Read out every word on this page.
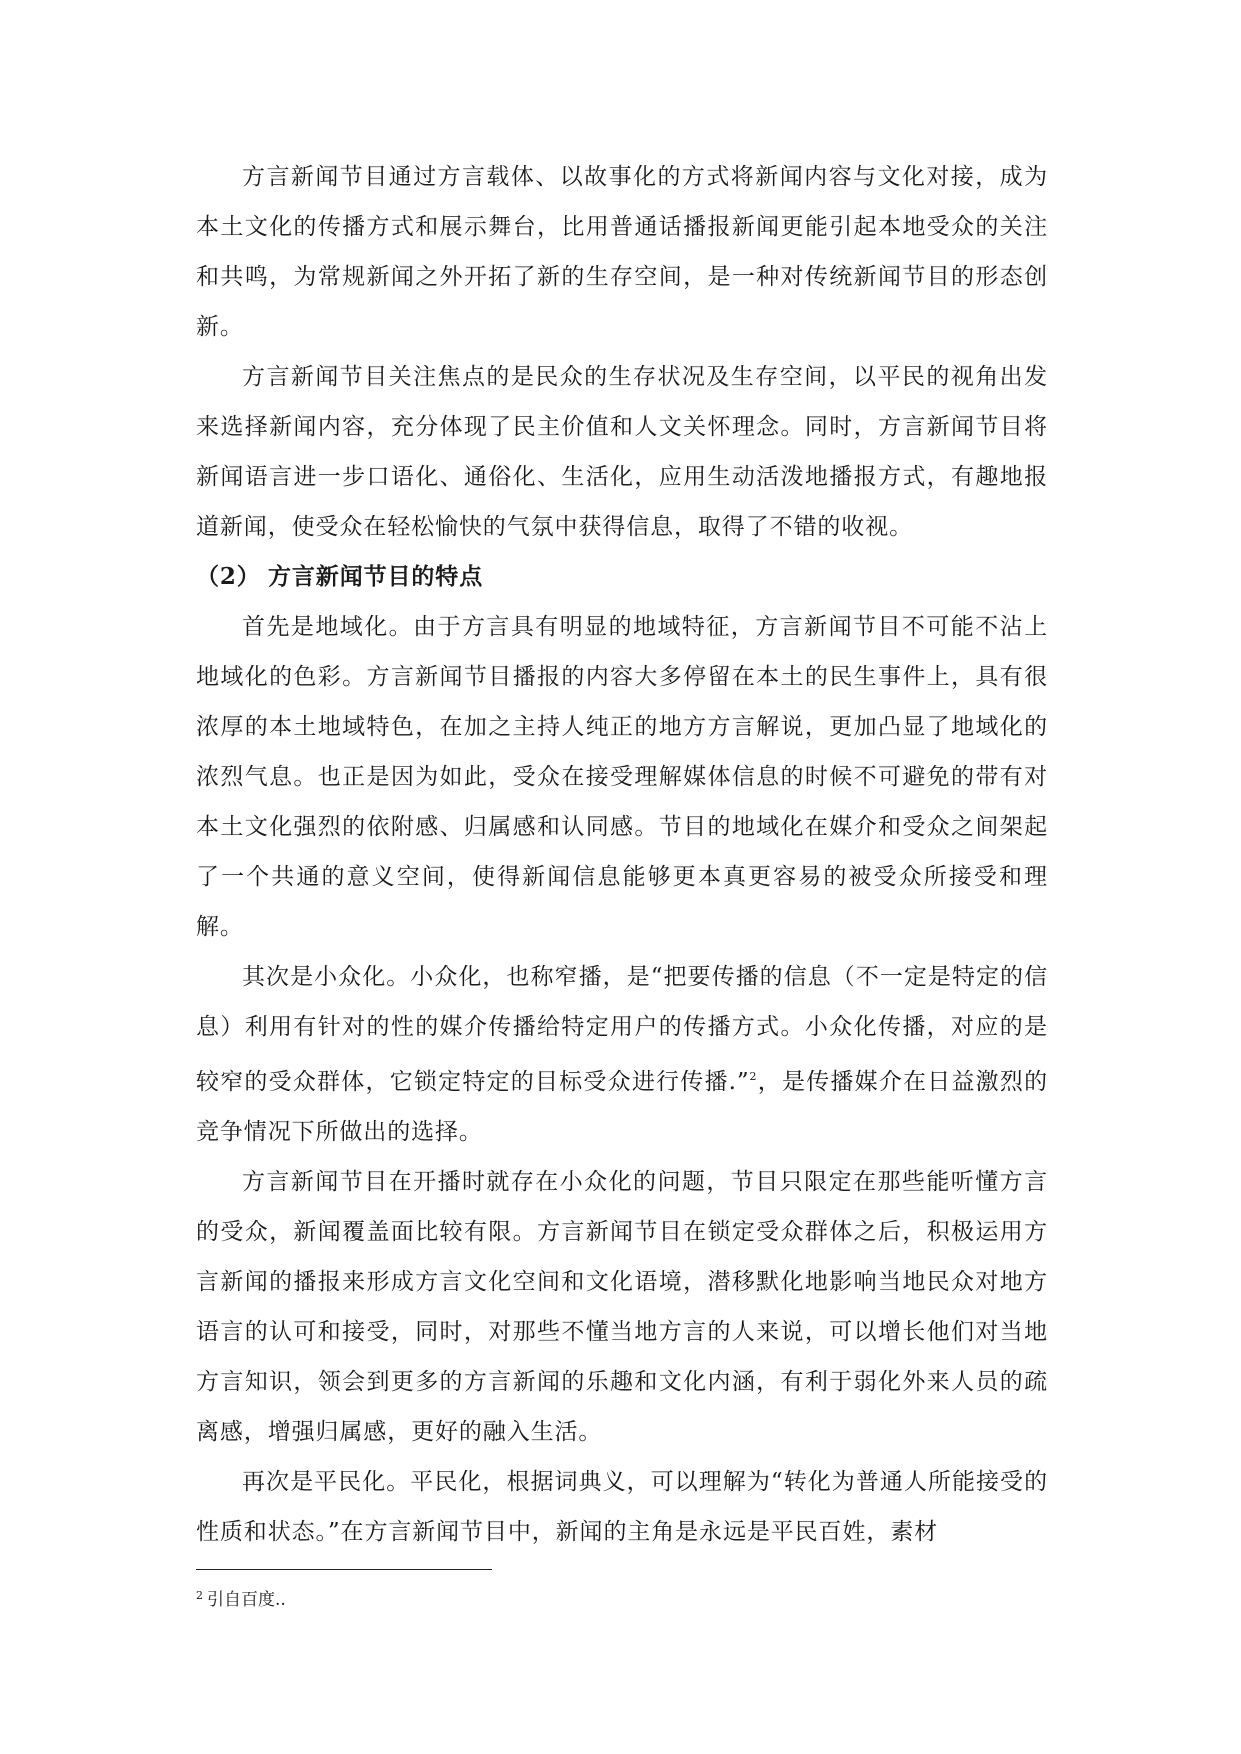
方言新闻节目通过方言载体、以故事化的方式将新闻内容与文化对接，成为本土文化的传播方式和展示舞台，比用普通话播报新闻更能引起本地受众的关注和共鸣，为常规新闻之外开拓了新的生存空间，是一种对传统新闻节目的形态创新。

方言新闻节目关注焦点的是民众的生存状况及生存空间，以平民的视角出发来选择新闻内容，充分体现了民主价值和人文关怀理念。同时，方言新闻节目将新闻语言进一步口语化、通俗化、生活化，应用生动活泼地播报方式，有趣地报道新闻，使受众在轻松愉快的气氛中获得信息，取得了不错的收视。

（2） 方言新闻节目的特点

首先是地域化。由于方言具有明显的地域特征，方言新闻节目不可能不沾上地域化的色彩。方言新闻节目播报的内容大多停留在本土的民生事件上，具有很浓厚的本土地域特色，在加之主持人纯正的地方方言解说，更加凸显了地域化的浓烈气息。也正是因为如此，受众在接受理解媒体信息的时候不可避免的带有对本土文化强烈的依附感、归属感和认同感。节目的地域化在媒介和受众之间架起了一个共通的意义空间，使得新闻信息能够更本真更容易的被受众所接受和理解。

其次是小众化。小众化，也称窄播，是“把要传播的信息（不一定是特定的信息）利用有针对的性的媒介传播给特定用户的传播方式。小众化传播，对应的是较窄的受众群体，它锁定特定的目标受众进行传播.”$^2$，是传播媒介在日益激烈的竞争情况下所做出的选择。

方言新闻节目在开播时就存在小众化的问题，节目只限定在那些能听懂方言的受众，新闻覆盖面比较有限。方言新闻节目在锁定受众群体之后，积极运用方言新闻的播报来形成方言文化空间和文化语境，潜移默化地影响当地民众对地方语言的认可和接受，同时，对那些不懂当地方言的人来说，可以增长他们对当地方言知识，领会到更多的方言新闻的乐趣和文化内涵，有利于弱化外来人员的疏离感，增强归属感，更好的融入生活。

再次是平民化。平民化，根据词典义，可以理解为“转化为普通人所能接受的性质和状态。”在方言新闻节目中，新闻的主角是永远是平民百姓，素材

$^2$ 引自百度..
